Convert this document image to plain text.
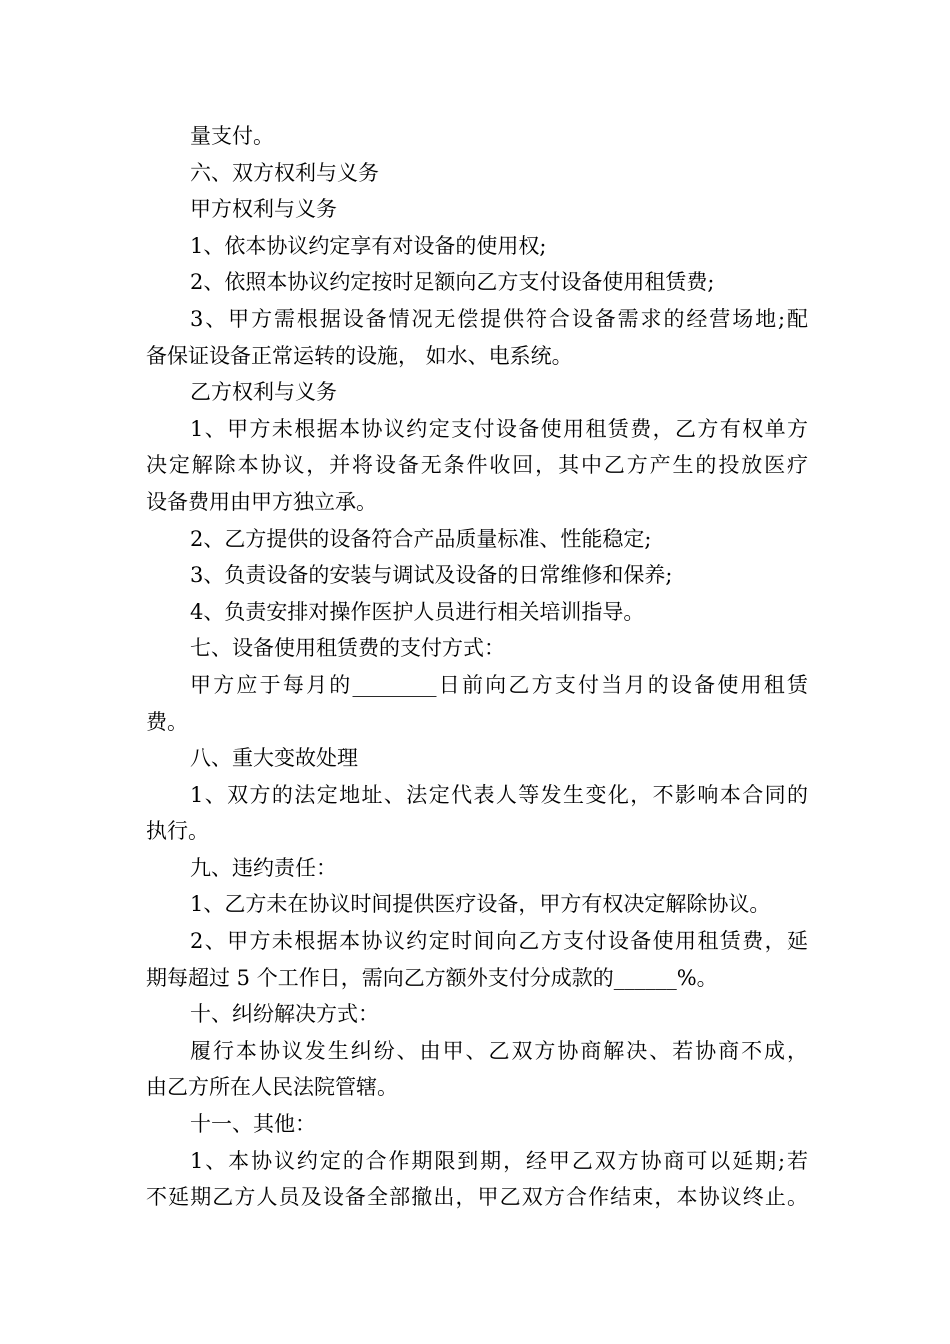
量支付。
六、双方权利与义务
甲方权利与义务
1、依本协议约定享有对设备的使用权;
2、依照本协议约定按时足额向乙方支付设备使用租赁费;
3、甲方需根据设备情况无偿提供符合设备需求的经营场地;配
备保证设备正常运转的设施， 如水、电系统。
乙方权利与义务
1、甲方未根据本协议约定支付设备使用租赁费，乙方有权单方
决定解除本协议，并将设备无条件收回，其中乙方产生的投放医疗
设备费用由甲方独立承。
2、乙方提供的设备符合产品质量标准、性能稳定;
3、负责设备的安装与调试及设备的日常维修和保养;
4、负责安排对操作医护人员进行相关培训指导。
七、设备使用租赁费的支付方式：
甲方应于每月的________日前向乙方支付当月的设备使用租赁
费。
八、重大变故处理
1、双方的法定地址、法定代表人等发生变化，不影响本合同的
执行。
九、违约责任：
1、乙方未在协议时间提供医疗设备，甲方有权决定解除协议。
2、甲方未根据本协议约定时间向乙方支付设备使用租赁费，延
期每超过 5 个工作日，需向乙方额外支付分成款的______%。
十、纠纷解决方式：
履行本协议发生纠纷、由甲、乙双方协商解决、若协商不成，
由乙方所在人民法院管辖。
十一、其他：
1、本协议约定的合作期限到期，经甲乙双方协商可以延期;若
不延期乙方人员及设备全部撤出，甲乙双方合作结束，本协议终止。
